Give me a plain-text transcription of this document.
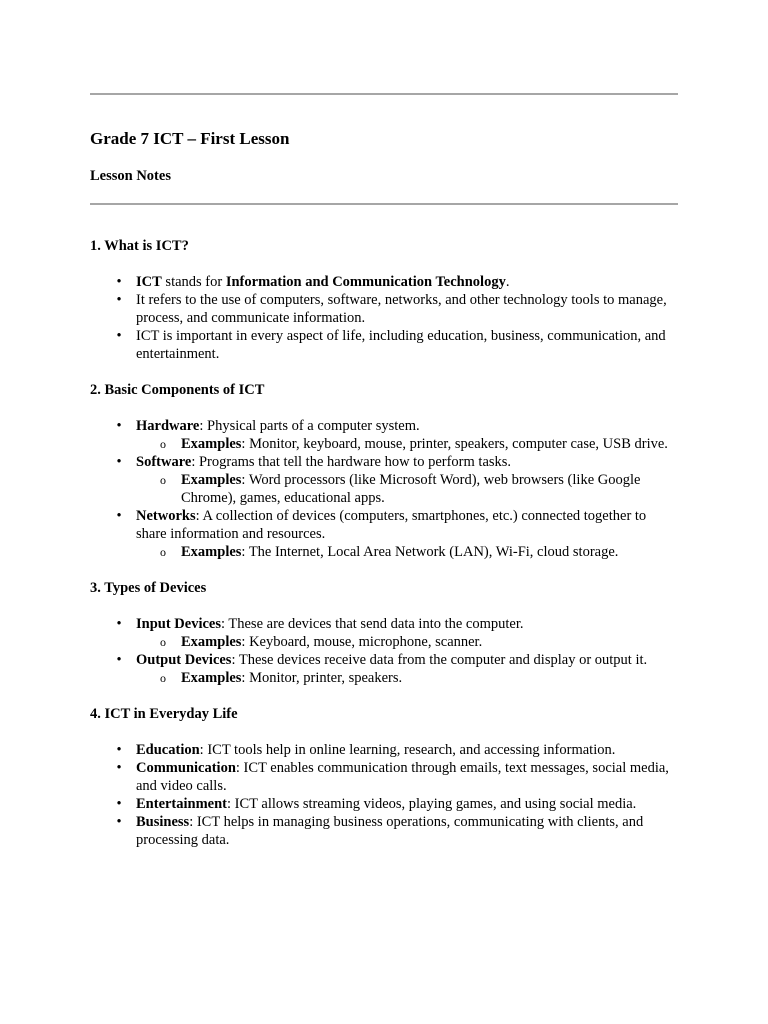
Grade 7 ICT – First Lesson
Lesson Notes
1. What is ICT?
• ICT stands for Information and Communication Technology.
• It refers to the use of computers, software, networks, and other technology tools to manage, process, and communicate information.
• ICT is important in every aspect of life, including education, business, communication, and entertainment.
2. Basic Components of ICT
• Hardware: Physical parts of a computer system.
o Examples: Monitor, keyboard, mouse, printer, speakers, computer case, USB drive.
• Software: Programs that tell the hardware how to perform tasks.
o Examples: Word processors (like Microsoft Word), web browsers (like Google Chrome), games, educational apps.
• Networks: A collection of devices (computers, smartphones, etc.) connected together to share information and resources.
o Examples: The Internet, Local Area Network (LAN), Wi-Fi, cloud storage.
3. Types of Devices
• Input Devices: These are devices that send data into the computer.
o Examples: Keyboard, mouse, microphone, scanner.
• Output Devices: These devices receive data from the computer and display or output it.
o Examples: Monitor, printer, speakers.
4. ICT in Everyday Life
• Education: ICT tools help in online learning, research, and accessing information.
• Communication: ICT enables communication through emails, text messages, social media, and video calls.
• Entertainment: ICT allows streaming videos, playing games, and using social media.
• Business: ICT helps in managing business operations, communicating with clients, and processing data.
